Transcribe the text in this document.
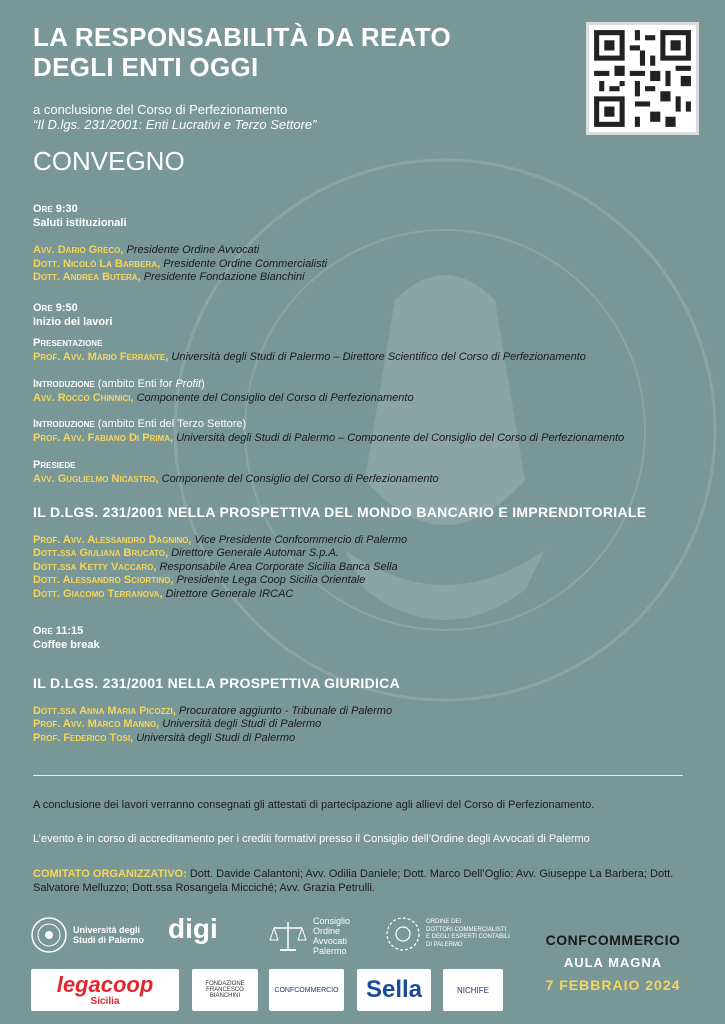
LA RESPONSABILITÀ DA REATO
DEGLI ENTI OGGI
a conclusione del Corso di Perfezionamento
“Il D.lgs. 231/2001: Enti Lucrativi e Terzo Settore”
CONVEGNO
Ore 9:30
Saluti istituzionali
Avv. Dario Greco, Presidente Ordine Avvocati
Dott. Nicolò La Barbera, Presidente Ordine Commercialisti
Dott. Andrea Butera, Presidente Fondazione Bianchini
Ore 9:50
Inizio dei lavori
Presentazione
Prof. Avv. Mario Ferrante, Università degli Studi di Palermo – Direttore Scientifico del Corso di Perfezionamento
Introduzione (ambito Enti for Profit)
Avv. Rocco Chinnici, Componente del Consiglio del Corso di Perfezionamento
Introduzione (ambito Enti del Terzo Settore)
Prof. Avv. Fabiano Di Prima, Università degli Studi di Palermo – Componente del Consiglio del Corso di Perfezionamento
Presiede
Avv. Guglielmo Nicastro, Componente del Consiglio del Corso di Perfezionamento
IL D.LGS. 231/2001 NELLA PROSPETTIVA DEL MONDO BANCARIO E IMPRENDITORIALE
Prof. Avv. Alessandro Dagnino, Vice Presidente Confcommercio di Palermo
Dott.ssa Giuliana Brucato, Direttore Generale Automar S.p.A.
Dott.ssa Ketty Vaccaro, Responsabile Area Corporate Sicilia Banca Sella
Dott. Alessandro Sciortino, Presidente Lega Coop Sicilia Orientale
Dott. Giacomo Terranova, Direttore Generale IRCAC
Ore 11:15
Coffee break
IL D.LGS. 231/2001 NELLA PROSPETTIVA GIURIDICA
Dott.ssa Anna Maria Picozzi, Procuratore aggiunto - Tribunale di Palermo
Prof. Avv. Marco Manno, Università degli Studi di Palermo
Prof. Federico Tosi, Università degli Studi di Palermo
A conclusione dei lavori verranno consegnati gli attestati di partecipazione agli allievi del Corso di Perfezionamento.
L’evento è in corso di accreditamento per i crediti formativi presso il Consiglio dell’Ordine degli Avvocati di Palermo
COMITATO ORGANIZZATIVO: Dott. Davide Calantoni; Avv. Odilia Daniele; Dott. Marco Dell’Oglio; Avv. Giuseppe La Barbera; Dott. Salvatore Melluzzo; Dott.ssa Rosangela Micciché; Avv. Grazia Petrulli.
Università degli Studi di Palermo digi	Consiglio
Ordine
Avvocati
Palermo
ORDINE DEI
DOTTORI COMMERCIALISTI
E DEGLI ESPERTI CONTABILI
DI PALERMO	CONFCOMMERCIO
AULA MAGNA
7 FEBBRAIO 2024
legacoop
Sicilia
FONDAZIONE
FRANCESCO BIANCHINI
CONFCOMMERCIO	Sella	NICHIFE
